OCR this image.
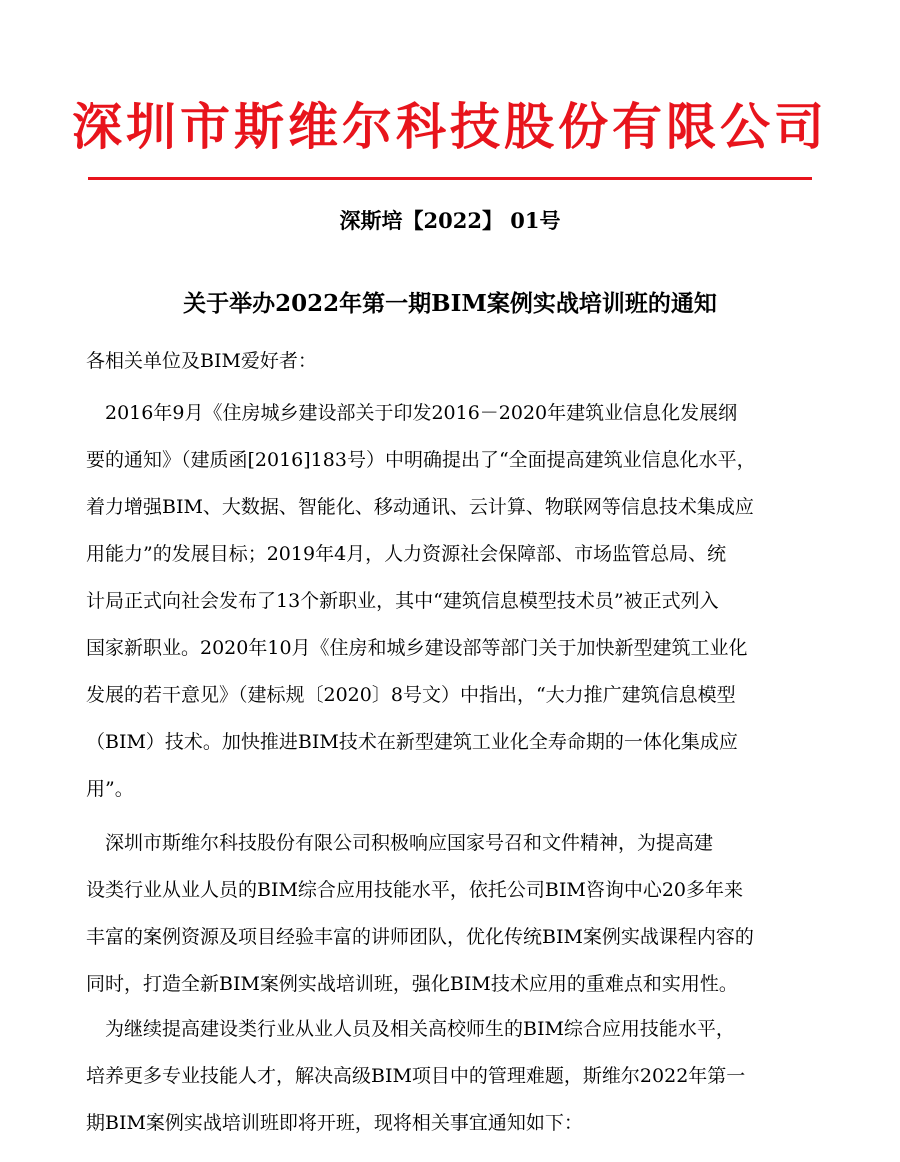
深圳市斯维尔科技股份有限公司
深斯培【2022】 01号
关于举办2022年第一期BIM案例实战培训班的通知
各相关单位及BIM爱好者：
　2016年9月《住房城乡建设部关于印发2016－2020年建筑业信息化发展纲
要的通知》（建质函[2016]183号）中明确提出了“全面提高建筑业信息化水平，
着力增强BIM、大数据、智能化、移动通讯、云计算、物联网等信息技术集成应
用能力”的发展目标；2019年4月，人力资源社会保障部、市场监管总局、统
计局正式向社会发布了13个新职业，其中“建筑信息模型技术员”被正式列入
国家新职业。2020年10月《住房和城乡建设部等部门关于加快新型建筑工业化
发展的若干意见》（建标规〔2020〕8号文）中指出，“大力推广建筑信息模型
（BIM）技术。加快推进BIM技术在新型建筑工业化全寿命期的一体化集成应
用”。
　深圳市斯维尔科技股份有限公司积极响应国家号召和文件精神，为提高建
设类行业从业人员的BIM综合应用技能水平，依托公司BIM咨询中心20多年来
丰富的案例资源及项目经验丰富的讲师团队，优化传统BIM案例实战课程内容的
同时，打造全新BIM案例实战培训班，强化BIM技术应用的重难点和实用性。
　为继续提高建设类行业从业人员及相关高校师生的BIM综合应用技能水平，
培养更多专业技能人才，解决高级BIM项目中的管理难题，斯维尔2022年第一
期BIM案例实战培训班即将开班，现将相关事宜通知如下：
